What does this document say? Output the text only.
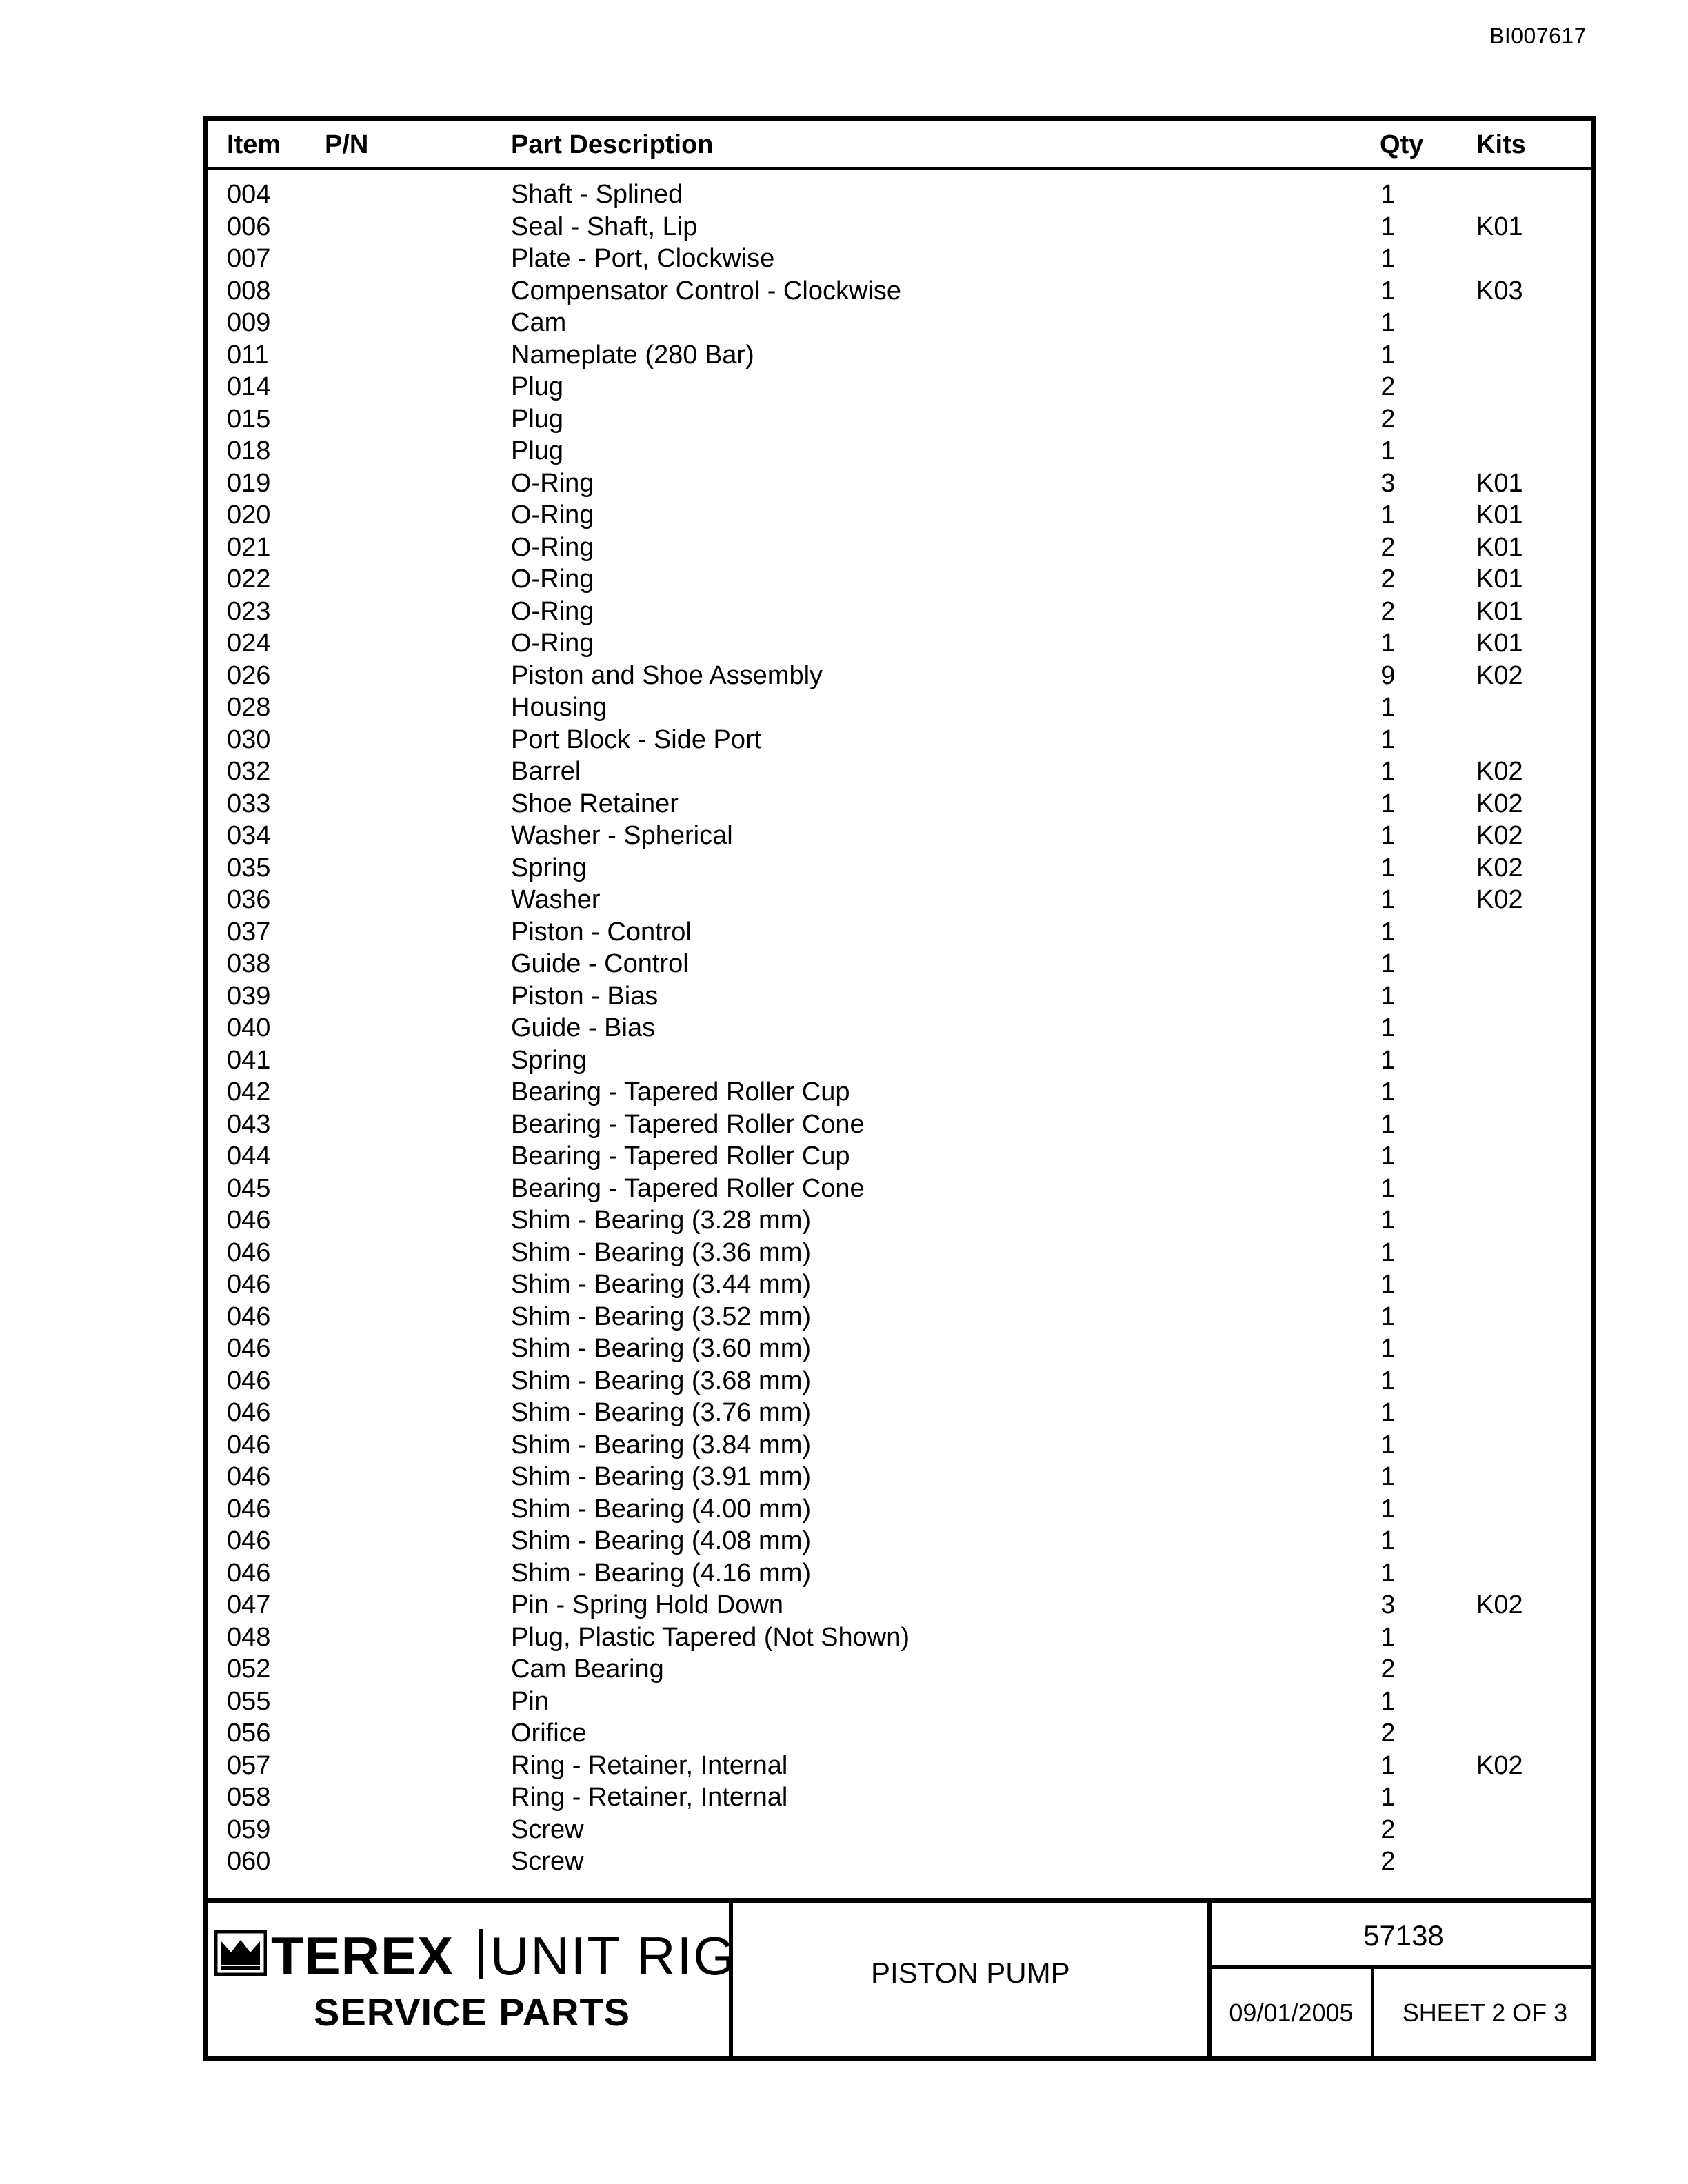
BI007617
Item P/N	Part Description	Qty Kits
004	Shaft - Splined	1
006	Seal - Shaft, Lip	1	K01
007	Plate - Port, Clockwise	1
008	Compensator Control - Clockwise	1	K03
009	Cam	1
011	Nameplate (280 Bar)	1
014	Plug	2
015	Plug	2
018	Plug	1
019	O-Ring	3	K01
020	O-Ring	1	K01
021	O-Ring	2	K01
022	O-Ring	2	K01
023	O-Ring	2	K01
024	O-Ring	1	K01
026	Piston and Shoe Assembly	9	K02
028	Housing	1
030	Port Block - Side Port	1
032	Barrel	1	K02
033	Shoe Retainer	1	K02
034	Washer - Spherical	1	K02
035	Spring	1	K02
036	Washer	1	K02
037	Piston - Control	1
038	Guide - Control	1
039	Piston - Bias	1
040	Guide - Bias	1
041	Spring	1
042	Bearing - Tapered Roller Cup	1
043	Bearing - Tapered Roller Cone	1
044	Bearing - Tapered Roller Cup	1
045	Bearing - Tapered Roller Cone	1
046	Shim - Bearing (3.28 mm)	1
046	Shim - Bearing (3.36 mm)	1
046	Shim - Bearing (3.44 mm)	1
046	Shim - Bearing (3.52 mm)	1
046	Shim - Bearing (3.60 mm)	1
046	Shim - Bearing (3.68 mm)	1
046	Shim - Bearing (3.76 mm)	1
046	Shim - Bearing (3.84 mm)	1
046	Shim - Bearing (3.91 mm)	1
046	Shim - Bearing (4.00 mm)	1
046	Shim - Bearing (4.08 mm)	1
046	Shim - Bearing (4.16 mm)	1
047	Pin - Spring Hold Down	3	K02
048	Plug, Plastic Tapered (Not Shown)	1
052	Cam Bearing	2
055	Pin	1
056	Orifice	2
057	Ring - Retainer, Internal	1	K02
058	Ring - Retainer, Internal	1
059	Screw	2
060	Screw	2
TEREX UNIT RIG
SERVICE PARTS
PISTON PUMP
57138
09/01/2005	SHEET 2 OF 3
